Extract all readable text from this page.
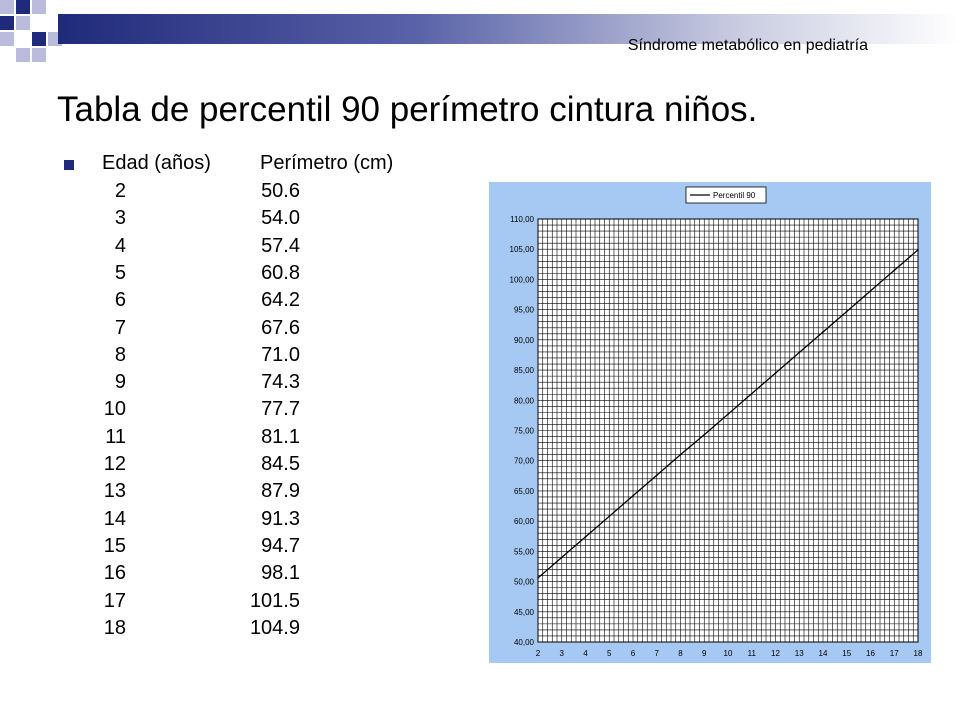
Síndrome metabólico en pediatría
Tabla de percentil 90 perímetro cintura niños.
Edad (años) Perímetro (cm)
2	50.6
3	54.0
4	57.4
5	60.8
6	64.2
7	67.6
8	71.0
9	74.3
10	77.7
11	81.1
12	84.5
13	87.9
14	91.3
15	94.7
16	98.1
17	101.5
18	104.9
40,00
45,00
50,00
55,00
60,00
65,00
70,00
75,00
80,00
85,00
90,00
95,00
100,00
105,00
110,00
2 3 4 5 6 7 8 9 10 11 12 13 14 15 16 17 18
Percentil 90
